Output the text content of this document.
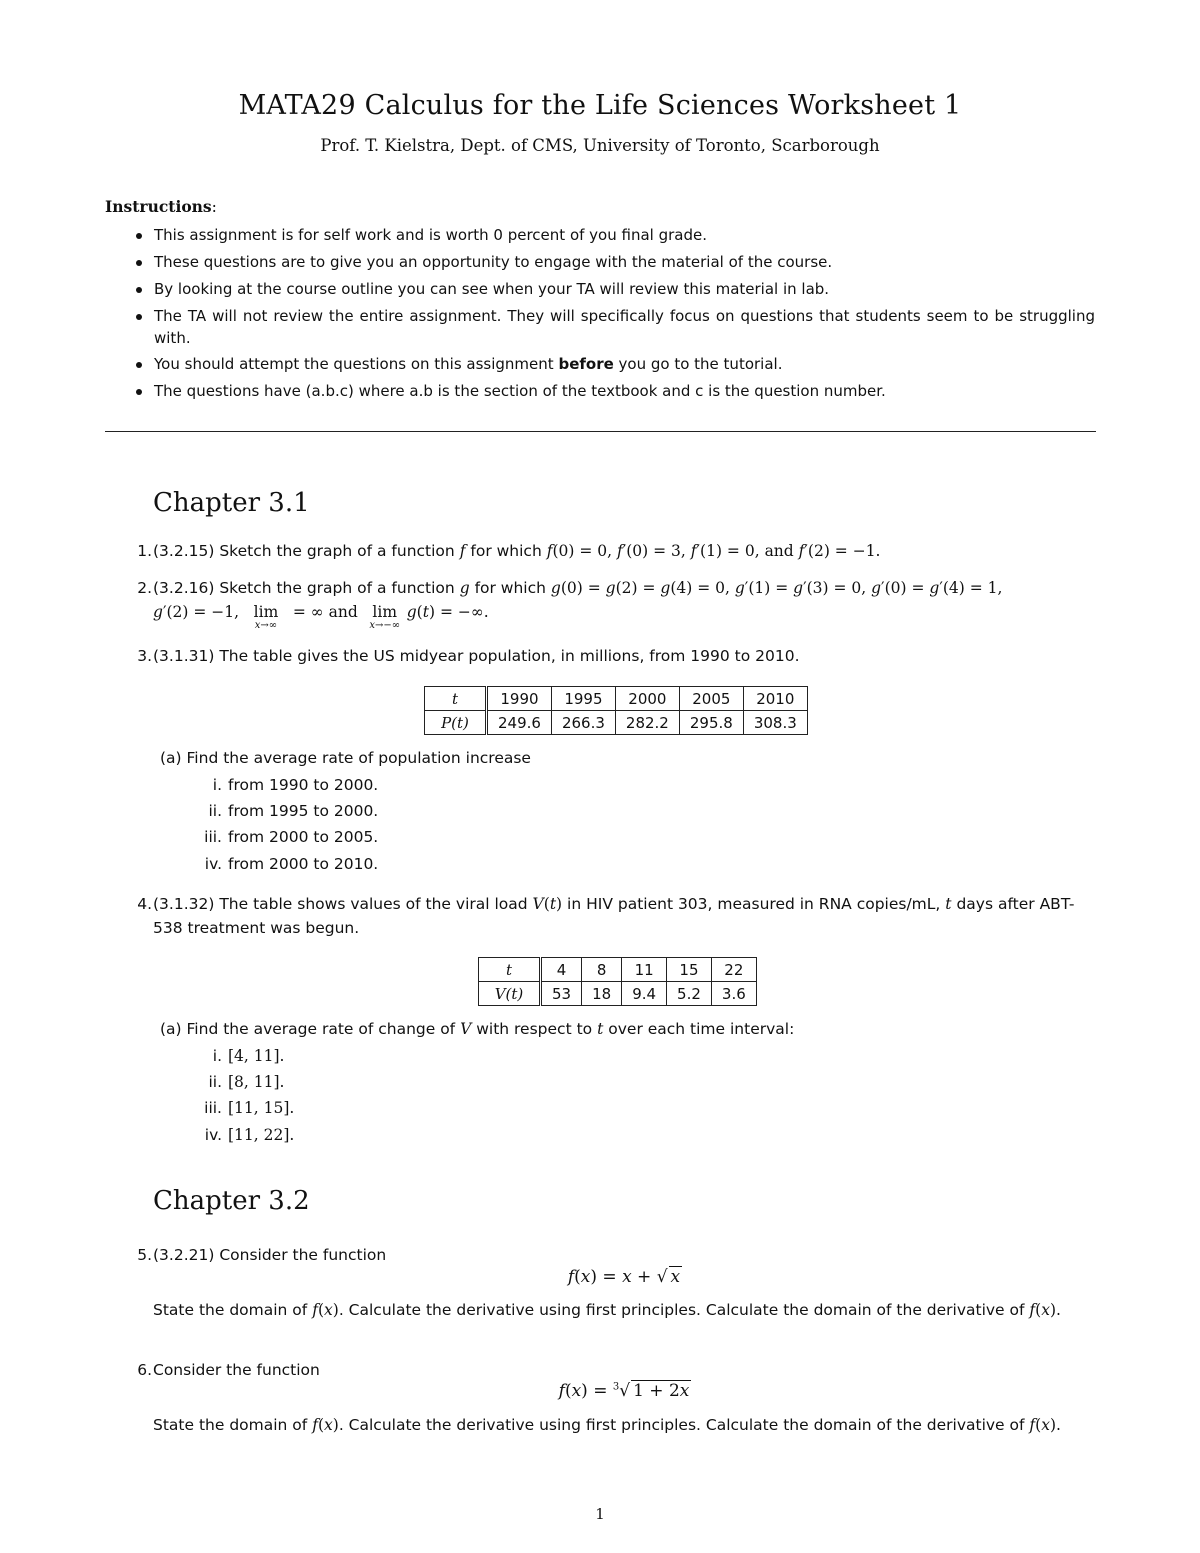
MATA29 Calculus for the Life Sciences Worksheet 1
Prof. T. Kielstra, Dept. of CMS, University of Toronto, Scarborough
Instructions:
This assignment is for self work and is worth 0 percent of you final grade.
These questions are to give you an opportunity to engage with the material of the course.
By looking at the course outline you can see when your TA will review this material in lab.
The TA will not review the entire assignment. They will specifically focus on questions that students seem to be struggling with.
You should attempt the questions on this assignment before you go to the tutorial.
The questions have (a.b.c) where a.b is the section of the textbook and c is the question number.
Chapter 3.1
1. (3.2.15) Sketch the graph of a function f for which f(0) = 0, f′(0) = 3, f′(1) = 0, and f′(2) = −1.
2. (3.2.16) Sketch the graph of a function g for which g(0) = g(2) = g(4) = 0, g′(1) = g′(3) = 0, g′(0) = g′(4) = 1,
g′(2) = −1, lim
x→∞
= ∞ and lim
x→−∞
g(t) = −∞.
3. (3.1.31) The table gives the US midyear population, in millions, from 1990 to 2010.
t	1990	1995	2000	2005	2010
P(t)	249.6	266.3	282.2	295.8	308.3
(a) Find the average rate of population increase
i. from 1990 to 2000.
ii. from 1995 to 2000.
iii. from 2000 to 2005.
iv. from 2000 to 2010.
4. (3.1.32) The table shows values of the viral load V(t) in HIV patient 303, measured in RNA copies/mL, t days after ABT-538 treatment was begun.
t	4	8	11	15	22
V(t)	53	18	9.4	5.2	3.6
(a) Find the average rate of change of V with respect to t over each time interval:
i. [4, 11].
ii. [8, 11].
iii. [11, 15].
iv. [11, 22].
Chapter 3.2
5. (3.2.21) Consider the function
f(x) = x + √ x
State the domain of f(x). Calculate the derivative using first principles. Calculate the domain of the derivative of f(x).
6. Consider the function
f(x) = $^3$√ 1 + 2x
State the domain of f(x). Calculate the derivative using first principles. Calculate the domain of the derivative of f(x).
1
